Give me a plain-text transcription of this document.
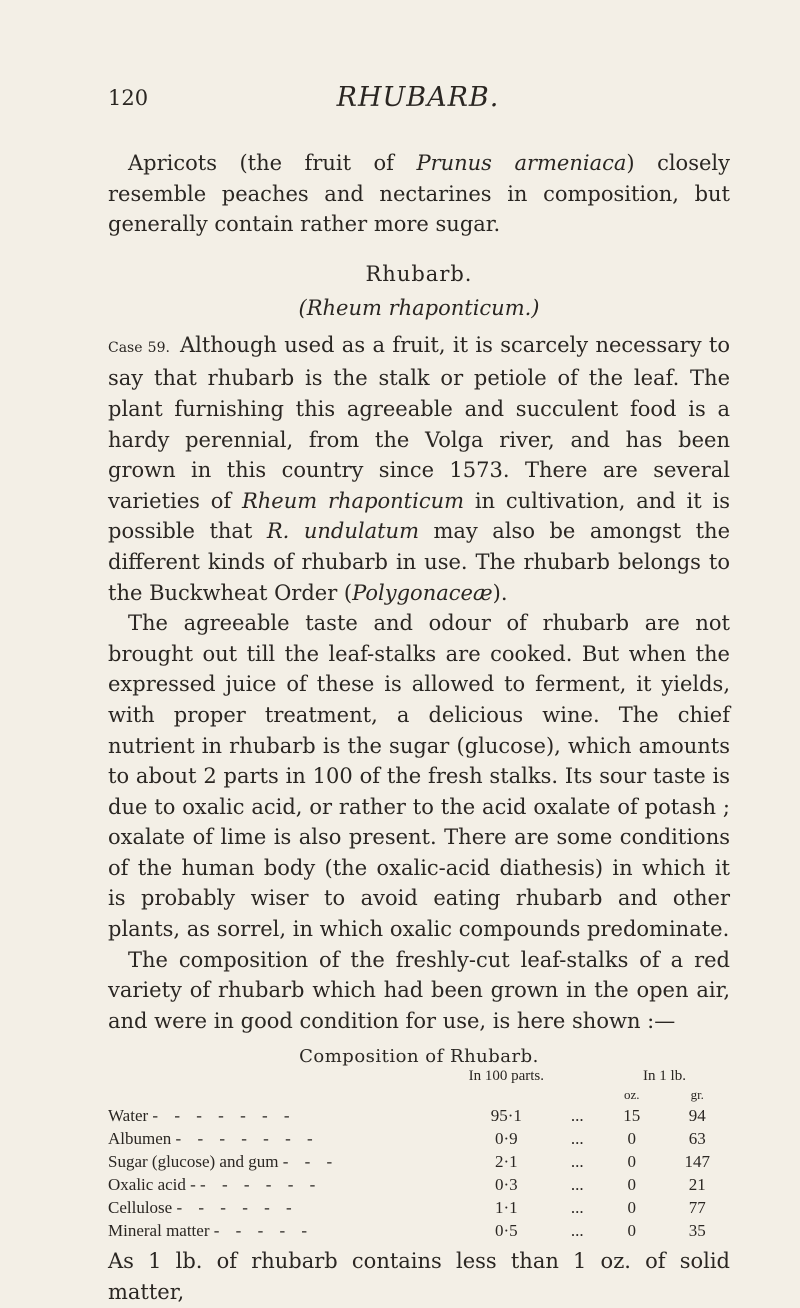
120	RHUBARB.

Apricots (the fruit of Prunus armeniaca) closely resemble peaches and nectarines in composition, but generally contain rather more sugar.

Rhubarb.
(Rheum rhaponticum.)

Case 59. Although used as a fruit, it is scarcely necessary to say that rhubarb is the stalk or petiole of the leaf. The plant furnishing this agreeable and succulent food is a hardy perennial, from the Volga river, and has been grown in this country since 1573. There are several varieties of Rheum rhaponticum in cultivation, and it is possible that R. undulatum may also be amongst the different kinds of rhubarb in use. The rhubarb belongs to the Buckwheat Order (Polygonaceæ).

The agreeable taste and odour of rhubarb are not brought out till the leaf-stalks are cooked. But when the expressed juice of these is allowed to ferment, it yields, with proper treatment, a delicious wine. The chief nutrient in rhubarb is the sugar (glucose), which amounts to about 2 parts in 100 of the fresh stalks. Its sour taste is due to oxalic acid, or rather to the acid oxalate of potash ; oxalate of lime is also present. There are some conditions of the human body (the oxalic-acid diathesis) in which it is probably wiser to avoid eating rhubarb and other plants, as sorrel, in which oxalic compounds predominate.

The composition of the freshly-cut leaf-stalks of a red variety of rhubarb which had been grown in the open air, and were in good condition for use, is here shown :—

Composition of Rhubarb.
	In 100 parts.		In 1 lb.	
			oz.	gr.
Water - - - - - - -	95·1	...	15	94
Albumen - - - - - - -	0·9	...	0	63
Sugar (glucose) and gum - - -	2·1	...	0	147
Oxalic acid - - - - - - -	0·3	...	0	21
Cellulose - - - - - -	1·1	...	0	77
Mineral matter - - - - -	0·5	...	0	35

As 1 lb. of rhubarb contains less than 1 oz. of solid matter,
